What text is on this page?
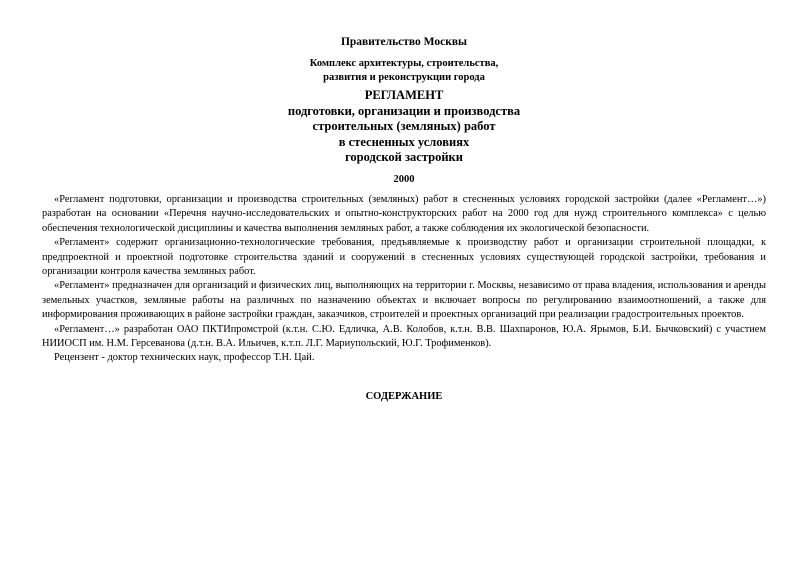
Правительство Москвы
Комплекс архитектуры, строительства,
развития и реконструкции города
РЕГЛАМЕНТ
подготовки, организации и производства
строительных (земляных) работ
в стесненных условиях
городской застройки
2000

«Регламент подготовки, организации и производства строительных (земляных) работ в стесненных условиях городской застройки (далее «Регламент…») разработан на основании «Перечня научно-исследовательских и опытно-конструкторских работ на 2000 год для нужд строительного комплекса» с целью обеспечения технологической дисциплины и качества выполнения земляных работ, а также соблюдения их экологической безопасности.

«Регламент» содержит организационно-технологические требования, предъявляемые к производству работ и организации строительной площадки, к предпроектной и проектной подготовке строительства зданий и сооружений в стесненных условиях существующей городской застройки, требования и организации контроля качества земляных работ.

«Регламент» предназначен для организаций и физических лиц, выполняющих на территории г. Москвы, независимо от права владения, использования и аренды земельных участков, земляные работы на различных по назначению объектах и включает вопросы по регулированию взаимоотношений, а также для информирования проживающих в районе застройки граждан, заказчиков, строителей и проектных организаций при реализации градостроительных проектов.

«Регламент…» разработан ОАО ПКТИпромстрой (к.т.н. С.Ю. Едличка, А.В. Колобов, к.т.н. В.В. Шахпаронов, Ю.А. Ярымов, Б.И. Бычковский) с участием НИИОСП им. Н.М. Герсеванова (д.т.н. В.А. Ильичев, к.т.п. Л.Г. Мариупольский, Ю.Г. Трофименков).

Рецензент - доктор технических наук, профессор Т.Н. Цай.

СОДЕРЖАНИЕ
